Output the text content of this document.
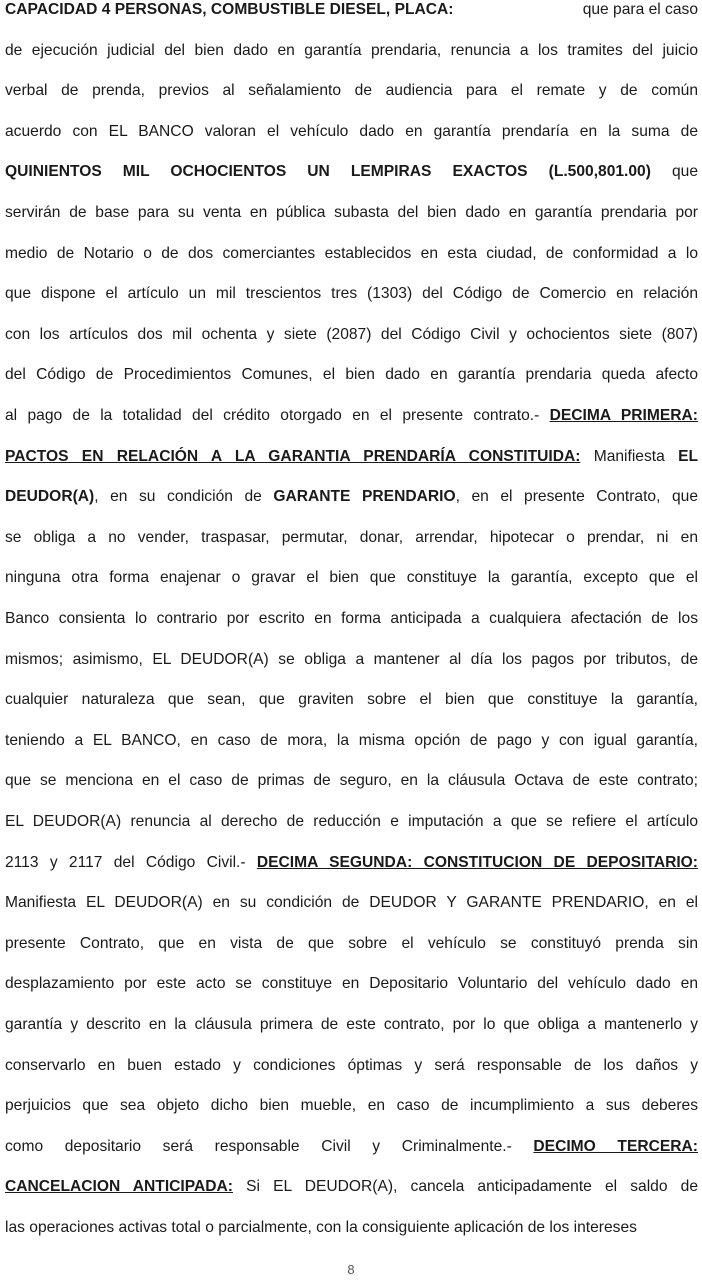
CAPACIDAD 4 PERSONAS, COMBUSTIBLE DIESEL, PLACA:	que para el caso
de ejecución judicial del bien dado en garantía prendaria, renuncia a los tramites del juicio
verbal de prenda, previos al señalamiento de audiencia para el remate y de común
acuerdo con EL BANCO valoran el vehículo dado en garantía prendaría en la suma de
QUINIENTOS MIL OCHOCIENTOS UN LEMPIRAS EXACTOS (L.500,801.00) que
servirán de base para su venta en pública subasta del bien dado en garantía prendaria por
medio de Notario o de dos comerciantes establecidos en esta ciudad, de conformidad a lo
que dispone el artículo un mil trescientos tres (1303) del Código de Comercio en relación
con los artículos dos mil ochenta y siete (2087) del Código Civil y ochocientos siete (807)
del Código de Procedimientos Comunes, el bien dado en garantía prendaria queda afecto
al pago de la totalidad del crédito otorgado en el presente contrato.- DECIMA PRIMERA:
PACTOS EN RELACIÓN A LA GARANTIA PRENDARÍA CONSTITUIDA: Manifiesta EL
DEUDOR(A), en su condición de GARANTE PRENDARIO, en el presente Contrato, que
se obliga a no vender, traspasar, permutar, donar, arrendar, hipotecar o prendar, ni en
ninguna otra forma enajenar o gravar el bien que constituye la garantía, excepto que el
Banco consienta lo contrario por escrito en forma anticipada a cualquiera afectación de los
mismos; asimismo, EL DEUDOR(A) se obliga a mantener al día los pagos por tributos, de
cualquier naturaleza que sean, que graviten sobre el bien que constituye la garantía,
teniendo a EL BANCO, en caso de mora, la misma opción de pago y con igual garantía,
que se menciona en el caso de primas de seguro, en la cláusula Octava de este contrato;
EL DEUDOR(A) renuncia al derecho de reducción e imputación a que se refiere el artículo
2113 y 2117 del Código Civil.- DECIMA SEGUNDA: CONSTITUCION DE DEPOSITARIO:
Manifiesta EL DEUDOR(A) en su condición de DEUDOR Y GARANTE PRENDARIO, en el
presente Contrato, que en vista de que sobre el vehículo se constituyó prenda sin
desplazamiento por este acto se constituye en Depositario Voluntario del vehículo dado en
garantía y descrito en la cláusula primera de este contrato, por lo que obliga a mantenerlo y
conservarlo en buen estado y condiciones óptimas y será responsable de los daños y
perjuicios que sea objeto dicho bien mueble, en caso de incumplimiento a sus deberes
como depositario será responsable Civil y Criminalmente.- DECIMO TERCERA:
CANCELACION ANTICIPADA: Si EL DEUDOR(A), cancela anticipadamente el saldo de
las operaciones activas total o parcialmente, con la consiguiente aplicación de los intereses
8
